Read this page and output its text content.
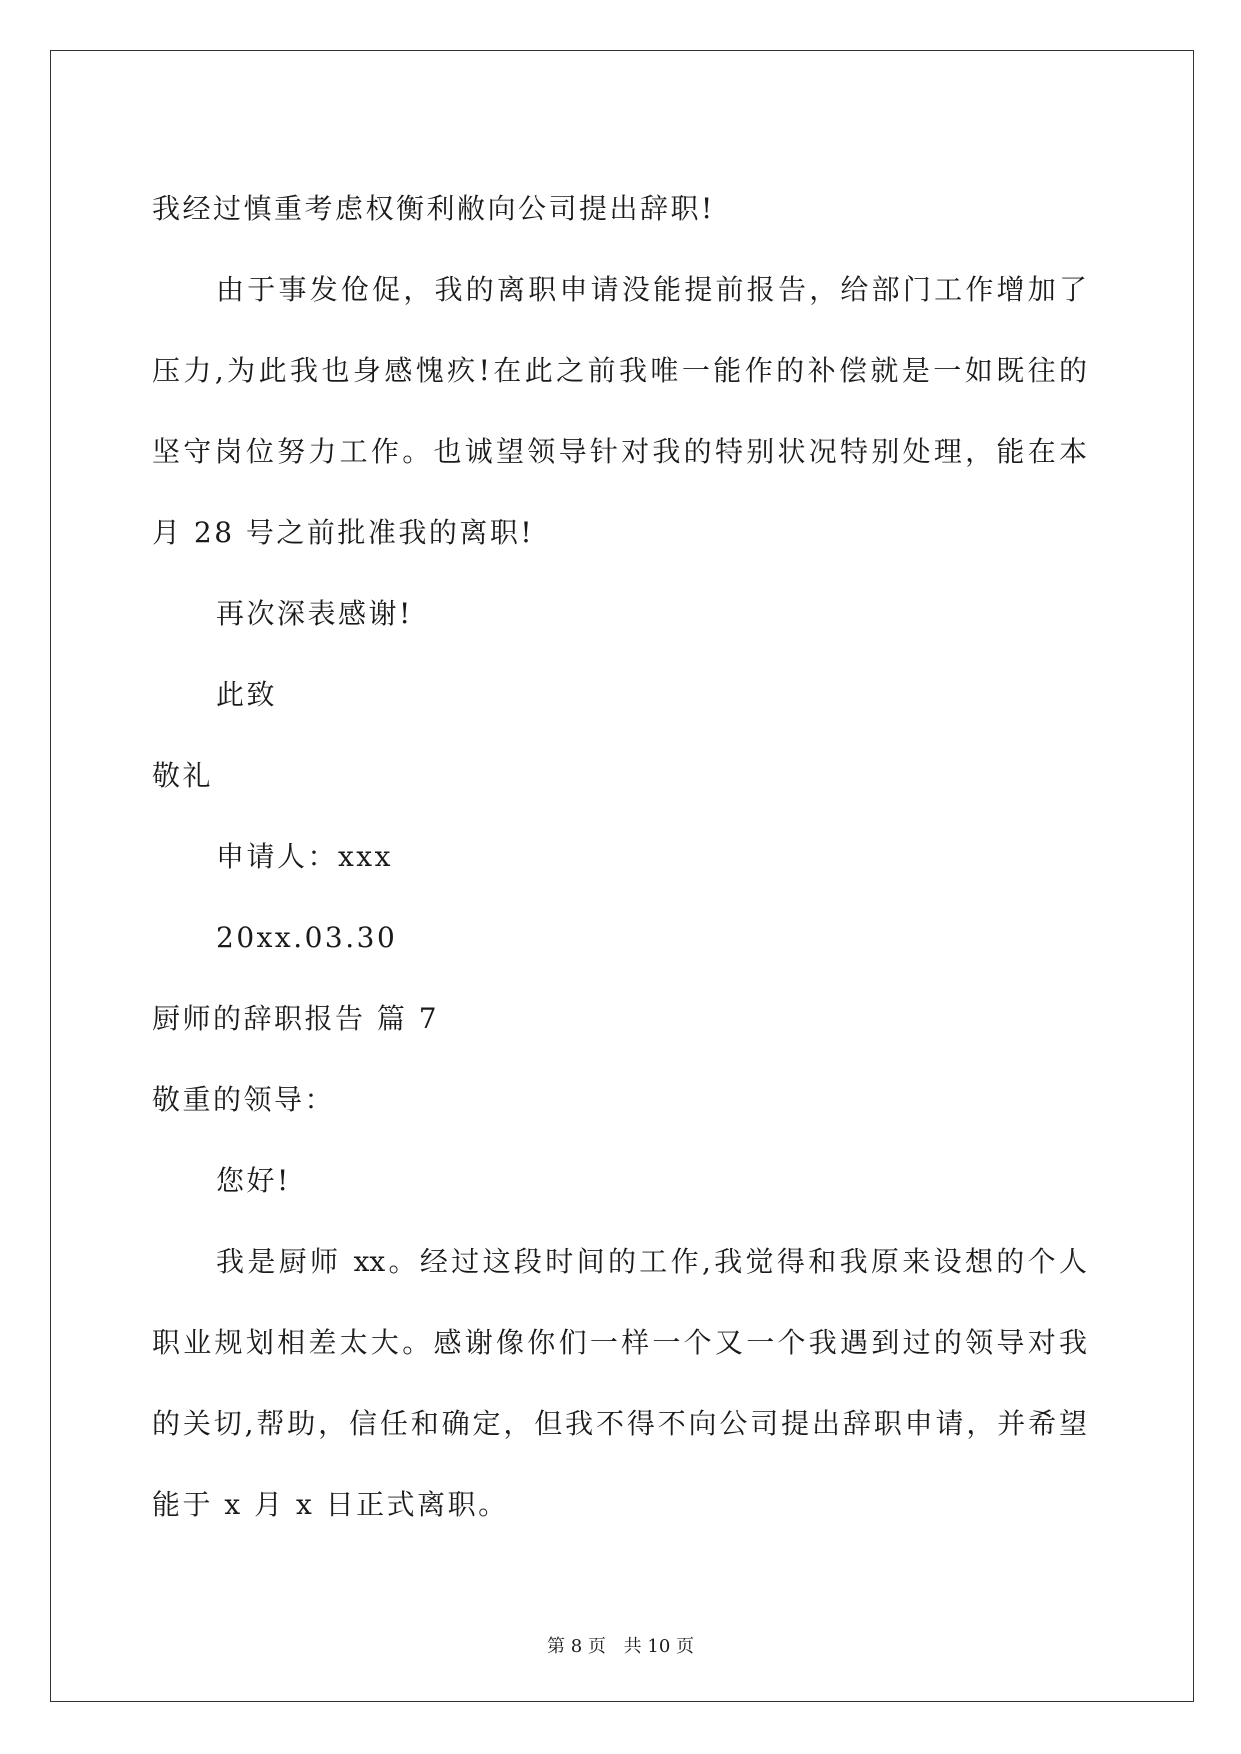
我经过慎重考虑权衡利敝向公司提出辞职!

由于事发伧促，我的离职申请没能提前报告，给部门工作增加了

压力,为此我也身感愧疚!在此之前我唯一能作的补偿就是一如既往的

坚守岗位努力工作。也诚望领导针对我的特别状况特别处理，能在本

月 28 号之前批准我的离职!

再次深表感谢!

此致

敬礼

申请人：xxx

20xx.03.30

厨师的辞职报告 篇 7

敬重的领导：

您好!

我是厨师 xx。经过这段时间的工作,我觉得和我原来设想的个人

职业规划相差太大。感谢像你们一样一个又一个我遇到过的领导对我

的关切,帮助，信任和确定，但我不得不向公司提出辞职申请，并希望

能于 x 月 x 日正式离职。

第 8 页 共 10 页
